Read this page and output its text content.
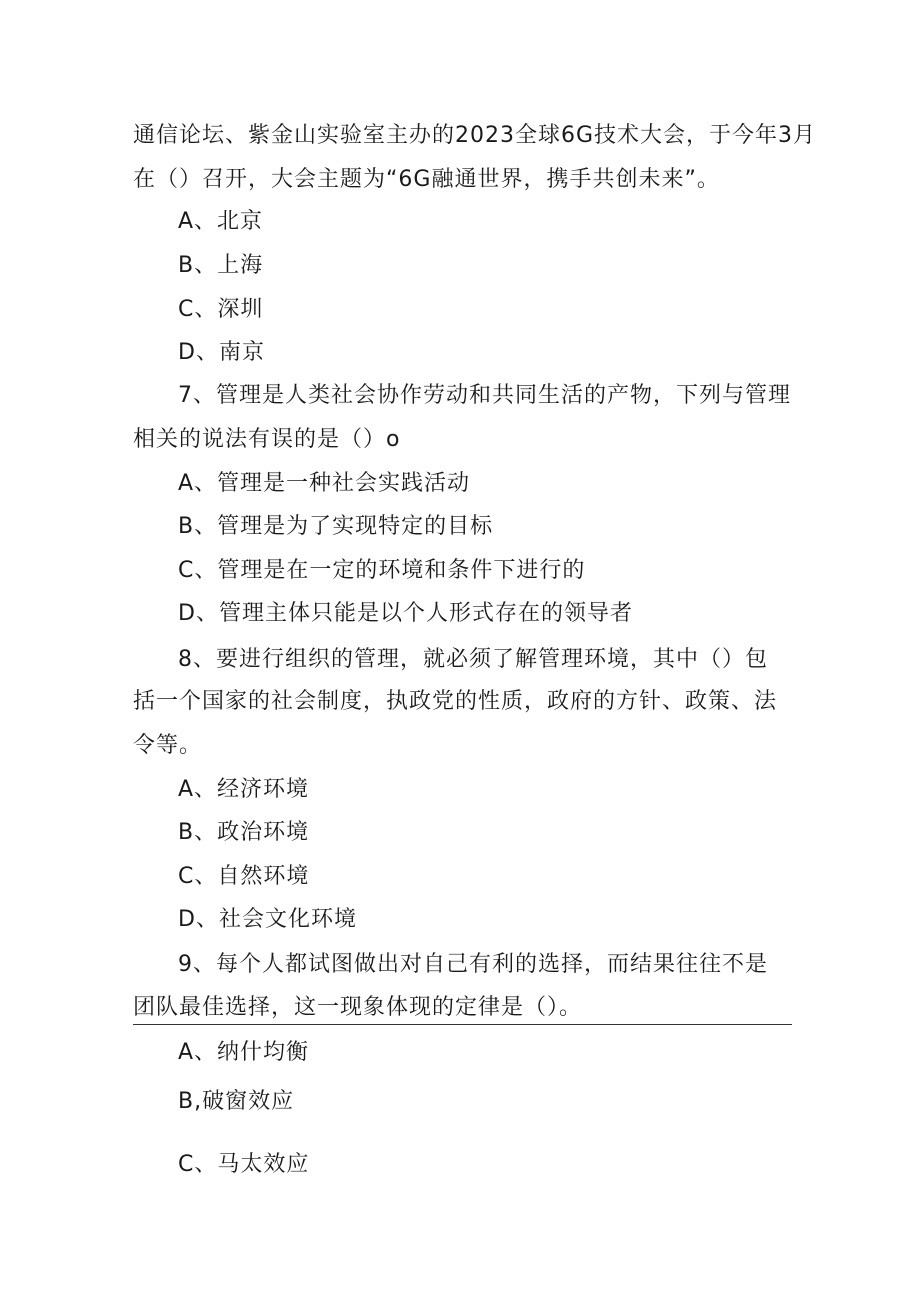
通信论坛、紫金山实验室主办的2023全球6G技术大会，于今年3月
在（）召开，大会主题为“6G融通世界，携手共创未来”。
A、北京
B、上海
C、深圳
D、南京
7、管理是人类社会协作劳动和共同生活的产物，下列与管理
相关的说法有误的是（）o
A、管理是一种社会实践活动
B、管理是为了实现特定的目标
C、管理是在一定的环境和条件下进行的
D、管理主体只能是以个人形式存在的领导者
8、要进行组织的管理，就必须了解管理环境，其中（）包
括一个国家的社会制度，执政党的性质，政府的方针、政策、法
令等。
A、经济环境
B、政治环境
C、自然环境
D、社会文化环境
9、每个人都试图做出对自己有利的选择，而结果往往不是
团队最佳选择，这一现象体现的定律是（）。
A、纳什均衡
B,破窗效应
C、马太效应
